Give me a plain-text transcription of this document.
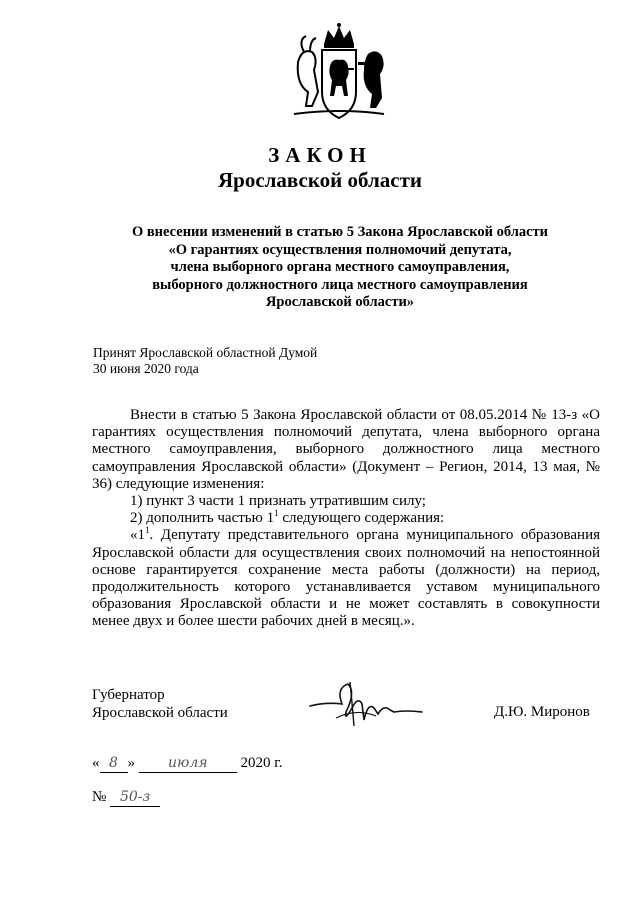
ЗАКОН
Ярославской области
О внесении изменений в статью 5 Закона Ярославской области
«О гарантиях осуществления полномочий депутата,
члена выборного органа местного самоуправления,
выборного должностного лица местного самоуправления
Ярославской области»
Принят Ярославской областной Думой
30 июня 2020 года

Внести в статью 5 Закона Ярославской области от 08.05.2014 № 13-з «О гарантиях осуществления полномочий депутата, члена выборного органа местного самоуправления, выборного должностного лица местного самоуправления Ярославской области» (Документ – Регион, 2014, 13 мая, № 36) следующие изменения:

1) пункт 3 части 1 признать утратившим силу;

2) дополнить частью $1^1$ следующего содержания:

«$1^1$. Депутату представительного органа муниципального образования Ярославской области для осуществления своих полномочий на непостоянной основе гарантируется сохранение места работы (должности) на период, продолжительность которого устанавливается уставом муниципального образования Ярославской области и не может составлять в совокупности менее двух и более шести рабочих дней в месяц.».

Губернатор
Ярославской области	Д.Ю. Миронов
« 8 » июля 2020 г.
№ 50-з
